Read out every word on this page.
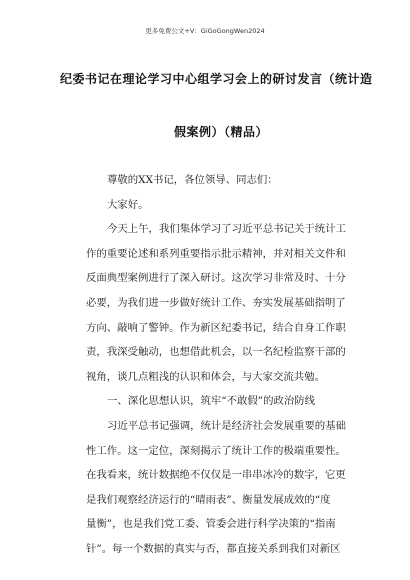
更多免费公文+V：GiGoGongWen2024
纪委书记在理论学习中心组学习会上的研讨发言（统计造
假案例）（精品）
尊敬的XX书记，各位领导、同志们：
大家好。
今天上午，我们集体学习了习近平总书记关于统计工
作的重要论述和系列重要指示批示精神，并对相关文件和
反面典型案例进行了深入研讨。这次学习非常及时、十分
必要，为我们进一步做好统计工作、夯实发展基础指明了
方向、敲响了警钟。作为新区纪委书记，结合自身工作职
责，我深受触动，也想借此机会，以一名纪检监察干部的
视角，谈几点粗浅的认识和体会，与大家交流共勉。
一、深化思想认识，筑牢“不敢假”的政治防线
习近平总书记强调，统计是经济社会发展重要的基础
性工作。这一定位，深刻揭示了统计工作的极端重要性。
在我看来，统计数据绝不仅仅是一串串冰冷的数字，它更
是我们观察经济运行的“晴雨表”、衡量发展成效的“度
量衡”，也是我们党工委、管委会进行科学决策的“指南
针”。每一个数据的真实与否，都直接关系到我们对新区
